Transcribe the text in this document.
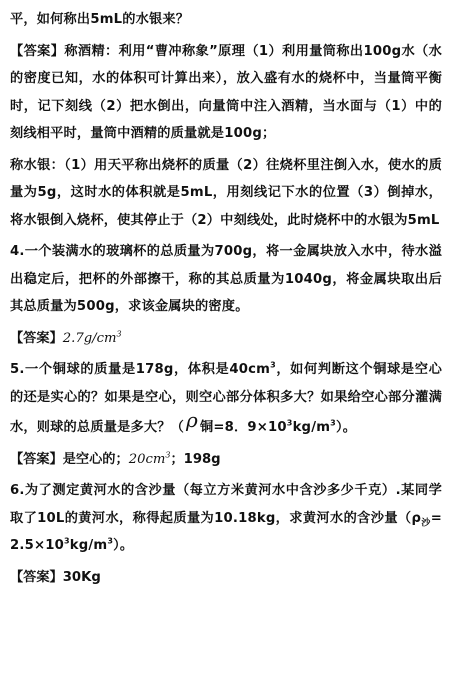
平，如何称出5mL的水银来？

【答案】称酒精：利用“曹冲称象”原理（1）利用量筒称出100g水（水的密度已知，水的体积可计算出来），放入盛有水的烧杯中，当量筒平衡时，记下刻线（2）把水倒出，向量筒中注入酒精，当水面与（1）中的刻线相平时，量筒中酒精的质量就是100g；

称水银：（1）用天平称出烧杯的质量（2）往烧杯里注倒入水，使水的质量为5g，这时水的体积就是5mL，用刻线记下水的位置（3）倒掉水，将水银倒入烧杯，使其停止于（2）中刻线处，此时烧杯中的水银为5mL

4.一个装满水的玻璃杯的总质量为700g，将一金属块放入水中，待水溢出稳定后，把杯的外部擦干，称的其总质量为1040g，将金属块取出后其总质量为500g，求该金属块的密度。

【答案】$2.7g/cm^3$

5.一个铜球的质量是178g，体积是$40cm^3$，如何判断这个铜球是空心的还是实心的？如果是空心，则空心部分体积多大？如果给空心部分灌满水，则球的总质量是多大？（ ρ 铜=8．$9\times 10^3kg/m^3$）。

【答案】是空心的；$20cm^3$；198g

6.为了测定黄河水的含沙量（每立方米黄河水中含沙多少千克）.某同学取了10L的黄河水，称得起质量为10.18kg，求黄河水的含沙量$(\rho_沙=2.5\times 10^3kg/m^3)$。

【答案】30Kg
